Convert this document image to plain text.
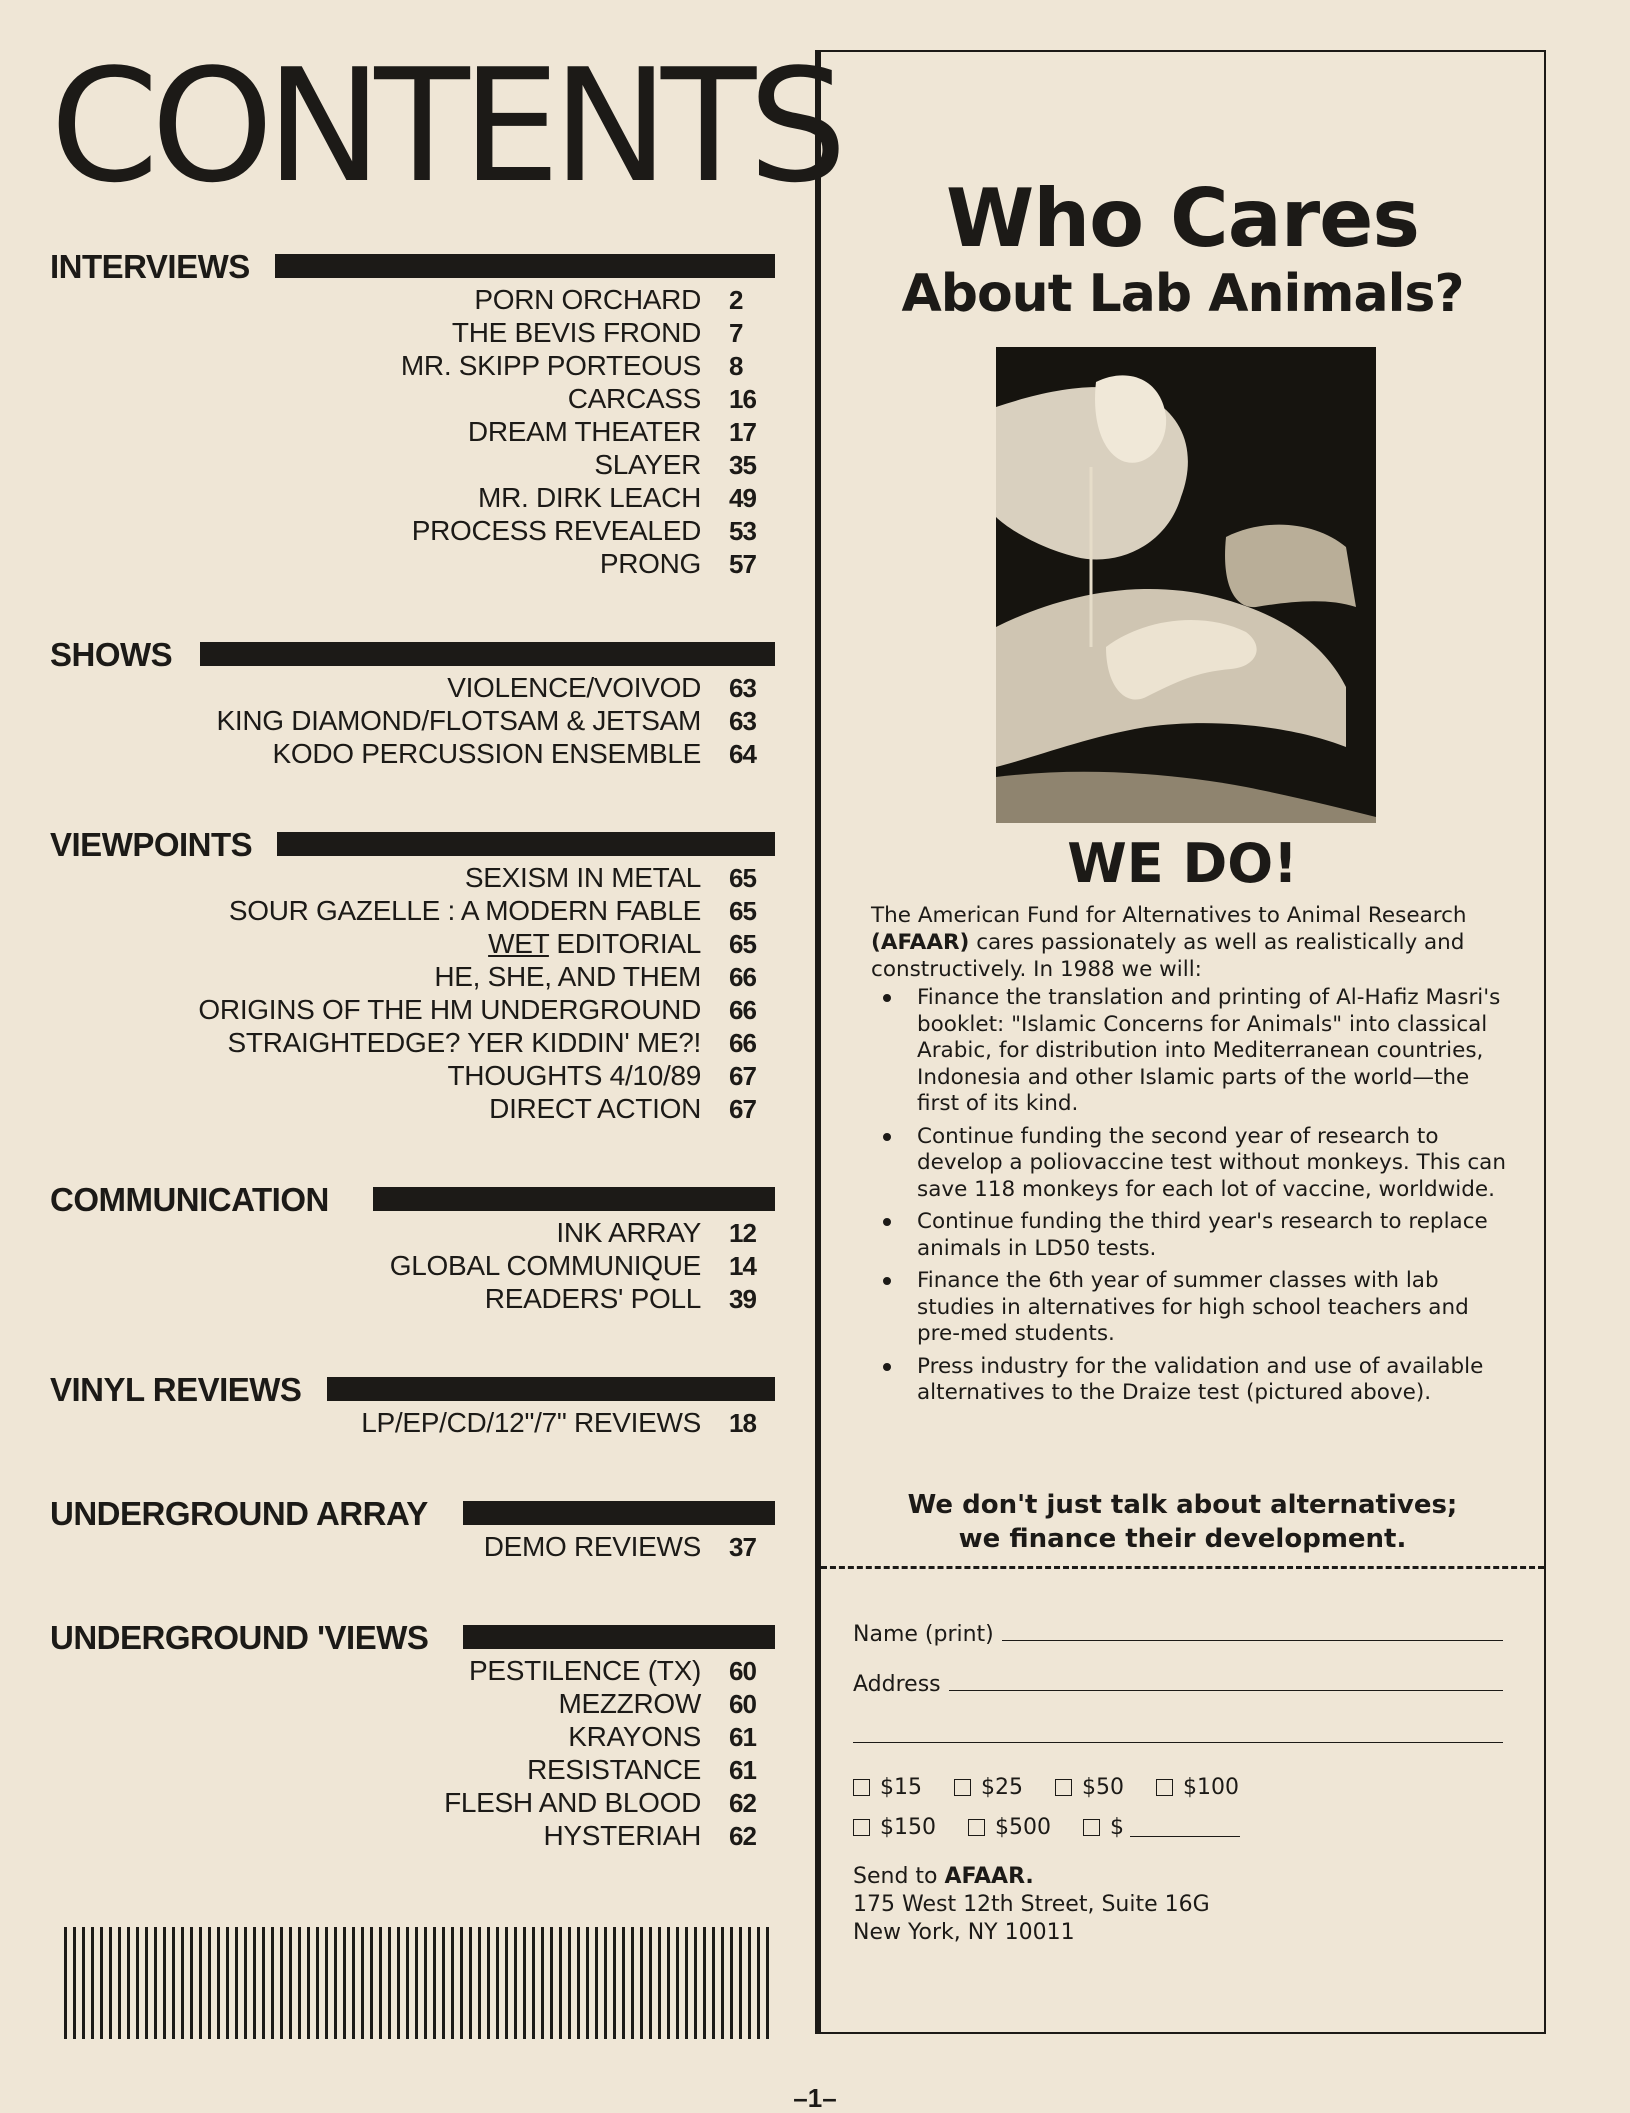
CONTENTS
INTERVIEWS
PORN ORCHARD 2
THE BEVIS FROND 7
MR. SKIPP PORTEOUS 8
CARCASS 16
DREAM THEATER 17
SLAYER 35
MR. DIRK LEACH 49
PROCESS REVEALED 53
PRONG 57
SHOWS
VIOLENCE/VOIVOD 63
KING DIAMOND/FLOTSAM & JETSAM 63
KODO PERCUSSION ENSEMBLE 64
VIEWPOINTS
SEXISM IN METAL 65
SOUR GAZELLE : A MODERN FABLE 65
WET EDITORIAL 65
HE, SHE, AND THEM 66
ORIGINS OF THE HM UNDERGROUND 66
STRAIGHTEDGE? YER KIDDIN' ME?! 66
THOUGHTS 4/10/89 67
DIRECT ACTION 67
COMMUNICATION
INK ARRAY 12
GLOBAL COMMUNIQUE 14
READERS' POLL 39
VINYL REVIEWS
LP/EP/CD/12"/7" REVIEWS 18
UNDERGROUND ARRAY
DEMO REVIEWS 37
UNDERGROUND 'VIEWS
PESTILENCE (TX) 60
MEZZROW 60
KRAYONS 61
RESISTANCE 61
FLESH AND BLOOD 62
HYSTERIAH 62
–1–
Who Cares
About Lab Animals?
WE DO!
The American Fund for Alternatives to Animal Research (AFAAR) cares passionately as well as realistically and constructively. In 1988 we will:
Finance the translation and printing of Al-Hafiz Masri's booklet: "Islamic Concerns for Animals" into classical Arabic, for distribution into Mediterranean countries, Indonesia and other Islamic parts of the world—the first of its kind.
Continue funding the second year of research to develop a poliovaccine test without monkeys. This can save 118 monkeys for each lot of vaccine, worldwide.
Continue funding the third year's research to replace animals in LD50 tests.
Finance the 6th year of summer classes with lab studies in alternatives for high school teachers and pre-med students.
Press industry for the validation and use of available alternatives to the Draize test (pictured above).
We don't just talk about alternatives;
we finance their development.
Name (print)
Address
$15	$25	$50	$100
$150	$500	$
Send to AFAAR.
175 West 12th Street, Suite 16G
New York, NY 10011
